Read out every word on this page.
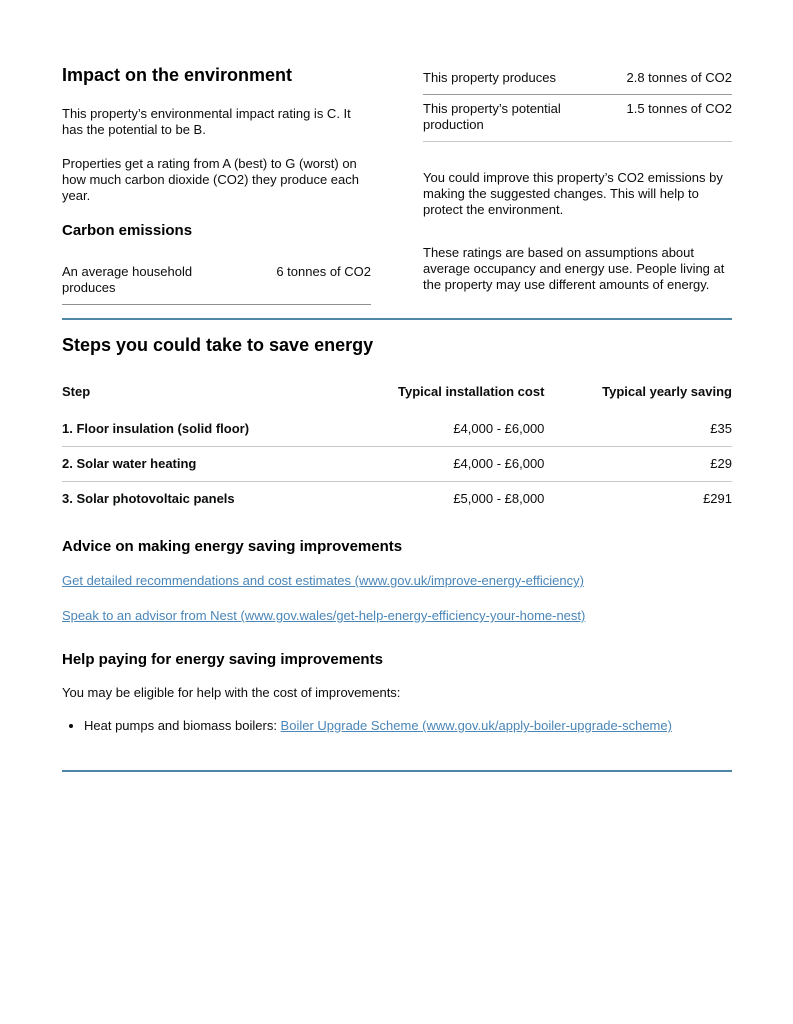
Impact on the environment

This property’s environmental impact rating is C. It has the potential to be B.

Properties get a rating from A (best) to G (worst) on how much carbon dioxide (CO2) they produce each year.

Carbon emissions
An average household produces	6 tonnes of CO2
This property produces	2.8 tonnes of CO2
This property’s potential production	1.5 tonnes of CO2

You could improve this property’s CO2 emissions by making the suggested changes. This will help to protect the environment.

These ratings are based on assumptions about average occupancy and energy use. People living at the property may use different amounts of energy.

Steps you could take to save energy
Step	Typical installation cost	Typical yearly saving
1. Floor insulation (solid floor)	£4,000 - £6,000	£35
2. Solar water heating	£4,000 - £6,000	£29
3. Solar photovoltaic panels	£5,000 - £8,000	£291
Advice on making energy saving improvements

Get detailed recommendations and cost estimates (www.gov.uk/improve-energy-efficiency)

Speak to an advisor from Nest (www.gov.wales/get-help-energy-efficiency-your-home-nest)

Help paying for energy saving improvements

You may be eligible for help with the cost of improvements:

• Heat pumps and biomass boilers: Boiler Upgrade Scheme (www.gov.uk/apply-boiler-upgrade-scheme)
